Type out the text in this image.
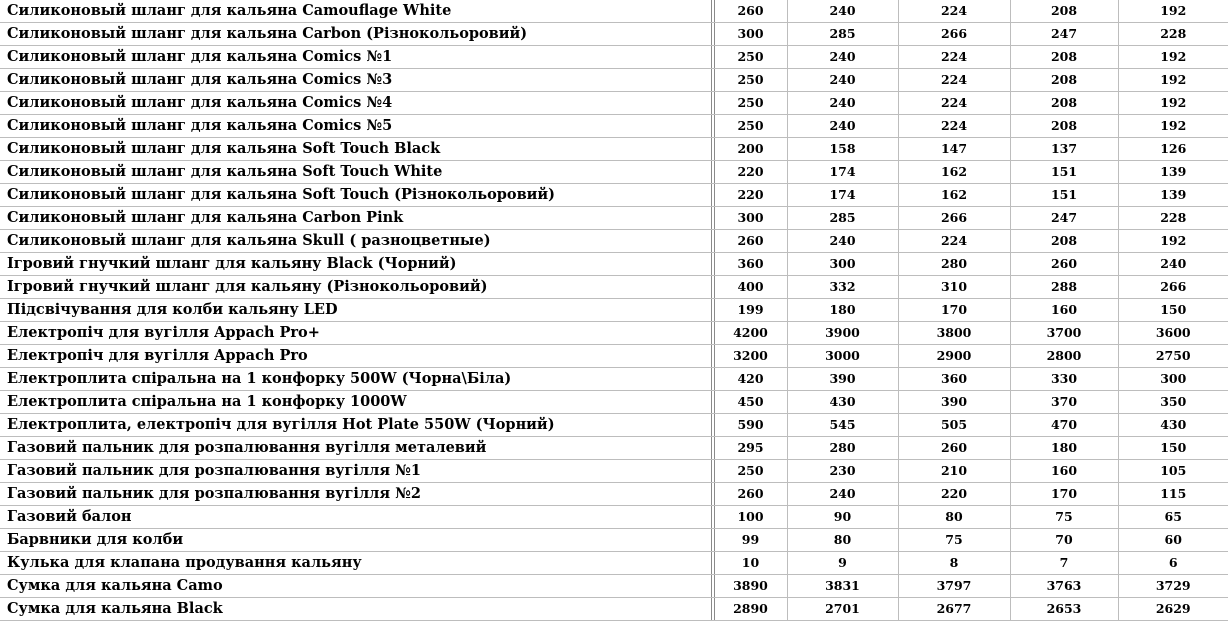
Силиконовый шланг для кальяна Camouflage White		260	240	224	208	192
Силиконовый шланг для кальяна Carbon (Різнокольоровий)		300	285	266	247	228
Силиконовый шланг для кальяна Comics №1		250	240	224	208	192
Силиконовый шланг для кальяна Comics №3		250	240	224	208	192
Силиконовый шланг для кальяна Comics №4		250	240	224	208	192
Силиконовый шланг для кальяна Comics №5		250	240	224	208	192
Силиконовый шланг для кальяна Soft Touch Black		200	158	147	137	126
Силиконовый шланг для кальяна Soft Touch White		220	174	162	151	139
Силиконовый шланг для кальяна Soft Touch (Різнокольоровий)		220	174	162	151	139
Силиконовый шланг для кальяна Carbon Pink		300	285	266	247	228
Силиконовый шланг для кальяна Skull ( разноцветные)		260	240	224	208	192
Ігровий гнучкий шланг для кальяну Black (Чорний)		360	300	280	260	240
Ігровий гнучкий шланг для кальяну (Різнокольоровий)		400	332	310	288	266
Підсвічування для колби кальяну LED		199	180	170	160	150
Електропіч для вугілля Appach Pro+		4200	3900	3800	3700	3600
Електропіч для вугілля Appach Pro		3200	3000	2900	2800	2750
Електроплита спіральна на 1 конфорку 500W (Чорна\Біла)		420	390	360	330	300
Електроплита спіральна на 1 конфорку 1000W		450	430	390	370	350
Електроплита, електропіч для вугілля Hot Plate 550W (Чорний)		590	545	505	470	430
Газовий пальник для розпалювання вугілля металевий		295	280	260	180	150
Газовий пальник для розпалювання вугілля №1		250	230	210	160	105
Газовий пальник для розпалювання вугілля №2		260	240	220	170	115
Газовий балон		100	90	80	75	65
Барвники для колби		99	80	75	70	60
Кулька для клапана продування кальяну		10	9	8	7	6
Сумка для кальяна Camo		3890	3831	3797	3763	3729
Сумка для кальяна Black		2890	2701	2677	2653	2629
